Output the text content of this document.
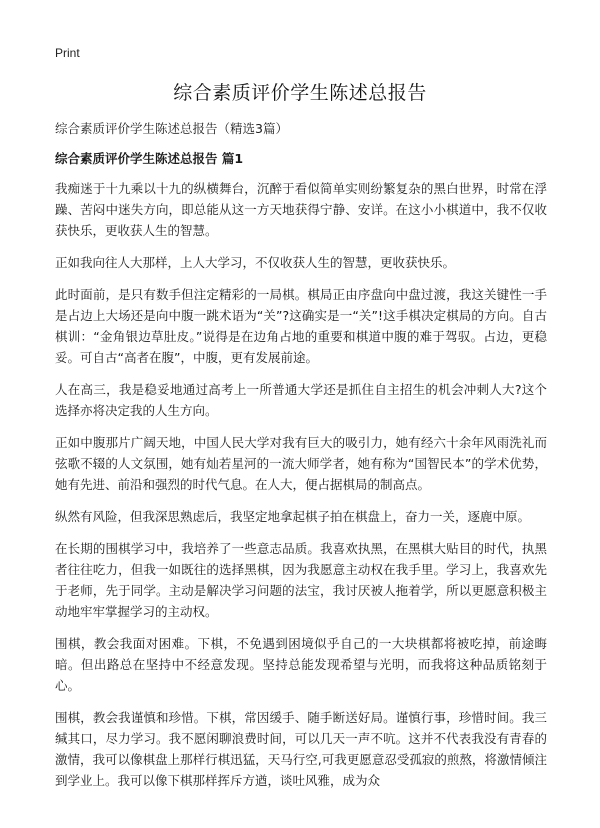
Print
综合素质评价学生陈述总报告

综合素质评价学生陈述总报告（精选3篇）

综合素质评价学生陈述总报告 篇1

我痴迷于十九乘以十九的纵横舞台，沉醉于看似简单实则纷繁复杂的黑白世界，时常在浮躁、苦闷中迷失方向，即总能从这一方天地获得宁静、安详。在这小小棋道中，我不仅收获快乐，更收获人生的智慧。

正如我向往人大那样，上人大学习，不仅收获人生的智慧，更收获快乐。

此时面前，是只有数手但注定精彩的一局棋。棋局正由序盘向中盘过渡，我这关键性一手是占边上大场还是向中腹一跳术语为“关”?这确实是一“关”!这手棋决定棋局的方向。自古棋训：“金角银边草肚皮。”说得是在边角占地的重要和棋道中腹的难于驾驭。占边，更稳妥。可自古“高者在腹”，中腹，更有发展前途。

人在高三，我是稳妥地通过高考上一所普通大学还是抓住自主招生的机会冲刺人大?这个选择亦将决定我的人生方向。

正如中腹那片广阔天地，中国人民大学对我有巨大的吸引力，她有经六十余年风雨洗礼而弦歌不辍的人文氛围，她有灿若星河的一流大师学者，她有称为“国智民本”的学术优势，她有先进、前沿和强烈的时代气息。在人大，便占据棋局的制高点。

纵然有风险，但我深思熟虑后，我坚定地拿起棋子拍在棋盘上，奋力一关，逐鹿中原。

在长期的围棋学习中，我培养了一些意志品质。我喜欢执黑，在黑棋大贴目的时代，执黑者往往吃力，但我一如既往的选择黑棋，因为我愿意主动权在我手里。学习上，我喜欢先于老师，先于同学。主动是解决学习问题的法宝，我讨厌被人拖着学，所以更愿意积极主动地牢牢掌握学习的主动权。

围棋，教会我面对困难。下棋，不免遇到困境似乎自己的一大块棋都将被吃掉，前途晦暗。但出路总在坚持中不经意发现。坚持总能发现希望与光明，而我将这种品质铭刻于心。

围棋，教会我谨慎和珍惜。下棋，常因缓手、随手断送好局。谨慎行事，珍惜时间。我三缄其口，尽力学习。我不愿闲聊浪费时间，可以几天一声不吭。这并不代表我没有青春的激情，我可以像棋盘上那样行棋迅猛，天马行空,可我更愿意忍受孤寂的煎熬，将激情倾注到学业上。我可以像下棋那样挥斥方遒，谈吐风雅，成为众
